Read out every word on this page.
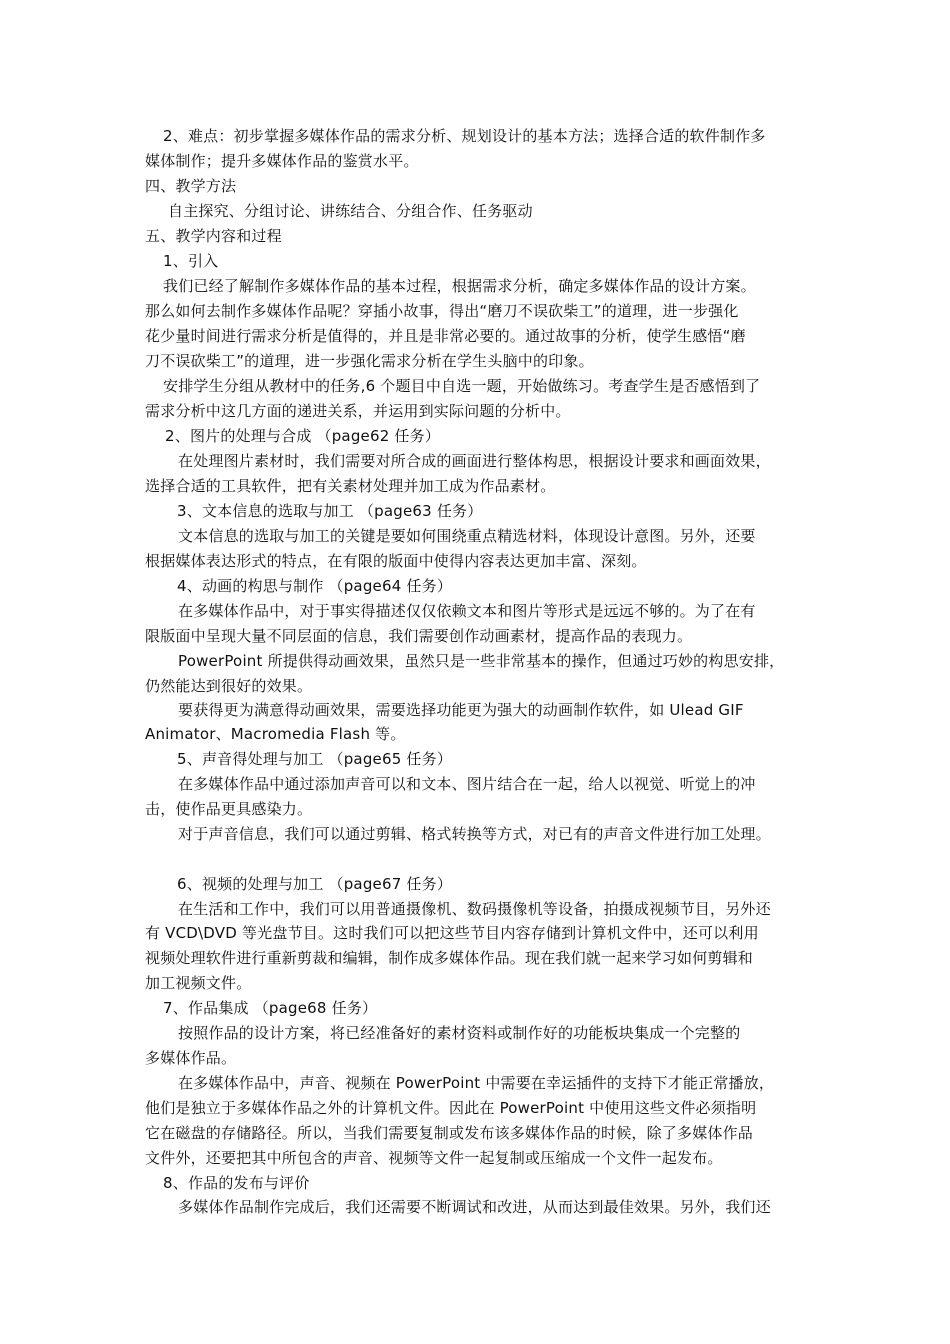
2、难点：初步掌握多媒体作品的需求分析、规划设计的基本方法；选择合适的软件制作多
媒体制作；提升多媒体作品的鉴赏水平。
四、教学方法
自主探究、分组讨论、讲练结合、分组合作、任务驱动
五、教学内容和过程
1、引入
我们已经了解制作多媒体作品的基本过程，根据需求分析，确定多媒体作品的设计方案。
那么如何去制作多媒体作品呢？穿插小故事，得出“磨刀不误砍柴工”的道理，进一步强化
花少量时间进行需求分析是值得的，并且是非常必要的。通过故事的分析，使学生感悟“磨
刀不误砍柴工”的道理，进一步强化需求分析在学生头脑中的印象。
安排学生分组从教材中的任务,6 个题目中自选一题，开始做练习。考查学生是否感悟到了
需求分析中这几方面的递进关系，并运用到实际问题的分析中。
2、图片的处理与合成 （page62 任务）
在处理图片素材时，我们需要对所合成的画面进行整体构思，根据设计要求和画面效果，
选择合适的工具软件，把有关素材处理并加工成为作品素材。
3、文本信息的选取与加工 （page63 任务）
文本信息的选取与加工的关键是要如何围绕重点精选材料，体现设计意图。另外，还要
根据媒体表达形式的特点，在有限的版面中使得内容表达更加丰富、深刻。
4、动画的构思与制作 （page64 任务）
在多媒体作品中，对于事实得描述仅仅依赖文本和图片等形式是远远不够的。为了在有
限版面中呈现大量不同层面的信息，我们需要创作动画素材，提高作品的表现力。
PowerPoint 所提供得动画效果，虽然只是一些非常基本的操作，但通过巧妙的构思安排，
仍然能达到很好的效果。
要获得更为满意得动画效果，需要选择功能更为强大的动画制作软件，如 Ulead GIF
Animator、Macromedia Flash 等。
5、声音得处理与加工 （page65 任务）
在多媒体作品中通过添加声音可以和文本、图片结合在一起，给人以视觉、听觉上的冲
击，使作品更具感染力。
对于声音信息，我们可以通过剪辑、格式转换等方式，对已有的声音文件进行加工处理。
6、视频的处理与加工 （page67 任务）
在生活和工作中，我们可以用普通摄像机、数码摄像机等设备，拍摄成视频节目，另外还
有 VCD\DVD 等光盘节目。这时我们可以把这些节目内容存储到计算机文件中，还可以利用
视频处理软件进行重新剪裁和编辑，制作成多媒体作品。现在我们就一起来学习如何剪辑和
加工视频文件。
7、作品集成 （page68 任务）
按照作品的设计方案，将已经准备好的素材资料或制作好的功能板块集成一个完整的
多媒体作品。
在多媒体作品中，声音、视频在 PowerPoint 中需要在幸运插件的支持下才能正常播放，
他们是独立于多媒体作品之外的计算机文件。因此在 PowerPoint 中使用这些文件必须指明
它在磁盘的存储路径。所以，当我们需要复制或发布该多媒体作品的时候，除了多媒体作品
文件外，还要把其中所包含的声音、视频等文件一起复制或压缩成一个文件一起发布。
8、作品的发布与评价
多媒体作品制作完成后，我们还需要不断调试和改进，从而达到最佳效果。另外，我们还
